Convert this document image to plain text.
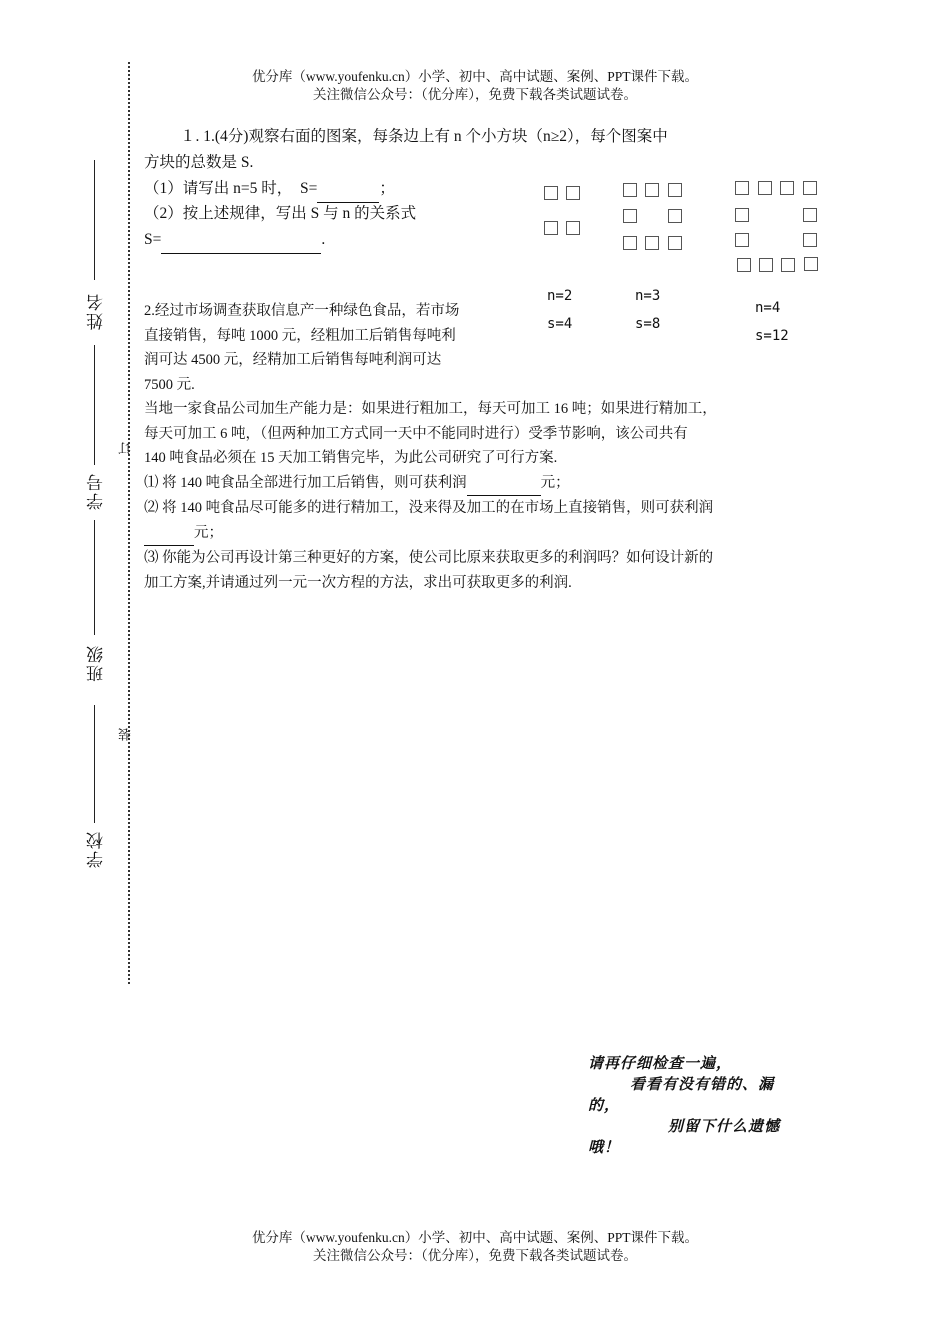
优分库（www.youfenku.cn）小学、初中、高中试题、案例、PPT课件下载。
关注微信公众号：（优分库），免费下载各类试题试卷。
姓名
学号
班级
学校
订
装
１. 1.(4分)观察右面的图案，每条边上有 n 个小方块（n≥2），每个图案中
方块的总数是 S.
（1）请写出 n=5 时，　S=	；
（2）按上述规律，写出 S 与 n 的关系式
S=	.
n=2
s=4
n=3
s=8
n=4
s=12
2.经过市场调查获取信息产一种绿色食品，若市场
直接销售，每吨 1000 元，经粗加工后销售每吨利
润可达 4500 元，经精加工后销售每吨利润可达
7500 元.
当地一家食品公司加生产能力是：如果进行粗加工，每天可加工 16 吨；如果进行精加工，
每天可加工 6 吨，（但两种加工方式同一天中不能同时进行）受季节影响，该公司共有
140 吨食品必须在 15 天加工销售完毕，为此公司研究了可行方案.
⑴ 将 140 吨食品全部进行加工后销售，则可获利润	元；
⑵ 将 140 吨食品尽可能多的进行精加工，没来得及加工的在市场上直接销售，则可获利润
元；
⑶ 你能为公司再设计第三种更好的方案，使公司比原来获取更多的利润吗？如何设计新的
加工方案,并请通过列一元一次方程的方法，求出可获取更多的利润.
请再仔细检查一遍，
看看有没有错的、漏
的，
别留下什么遗憾
哦！
优分库（www.youfenku.cn）小学、初中、高中试题、案例、PPT课件下载。
关注微信公众号：（优分库），免费下载各类试题试卷。
